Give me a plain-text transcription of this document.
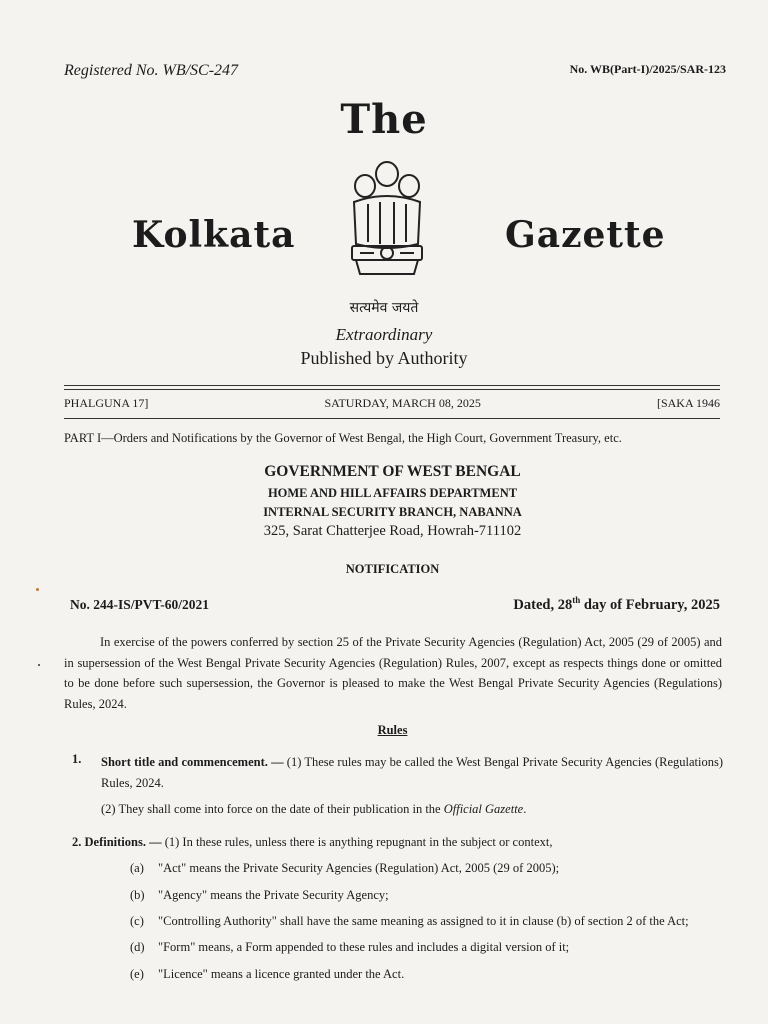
Registered No. WB/SC-247	No. WB(Part-I)/2025/SAR-123
The
Kolkata	Gazette
सत्यमेव जयते
Extraordinary
Published by Authority
PHALGUNA 17]	SATURDAY, MARCH 08, 2025	[SAKA 1946
PART I—Orders and Notifications by the Governor of West Bengal, the High Court, Government Treasury, etc.
GOVERNMENT OF WEST BENGAL
HOME AND HILL AFFAIRS DEPARTMENT
INTERNAL SECURITY BRANCH, NABANNA
325, Sarat Chatterjee Road, Howrah-711102
NOTIFICATION
No. 244-IS/PVT-60/2021	Dated, 28th day of February, 2025
In exercise of the powers conferred by section 25 of the Private Security Agencies (Regulation) Act, 2005 (29 of 2005) and in supersession of the West Bengal Private Security Agencies (Regulation) Rules, 2007, except as respects things done or omitted to be done before such supersession, the Governor is pleased to make the West Bengal Private Security Agencies (Regulations) Rules, 2024.
Rules
1. Short title and commencement. — (1) These rules may be called the West Bengal Private Security Agencies (Regulations) Rules, 2024.
(2) They shall come into force on the date of their publication in the Official Gazette.
2. Definitions. — (1) In these rules, unless there is anything repugnant in the subject or context,
(a) "Act" means the Private Security Agencies (Regulation) Act, 2005 (29 of 2005);
(b) "Agency" means the Private Security Agency;
(c) "Controlling Authority" shall have the same meaning as assigned to it in clause (b) of section 2 of the Act;
(d) "Form" means, a Form appended to these rules and includes a digital version of it;
(e) "Licence" means a licence granted under the Act.
